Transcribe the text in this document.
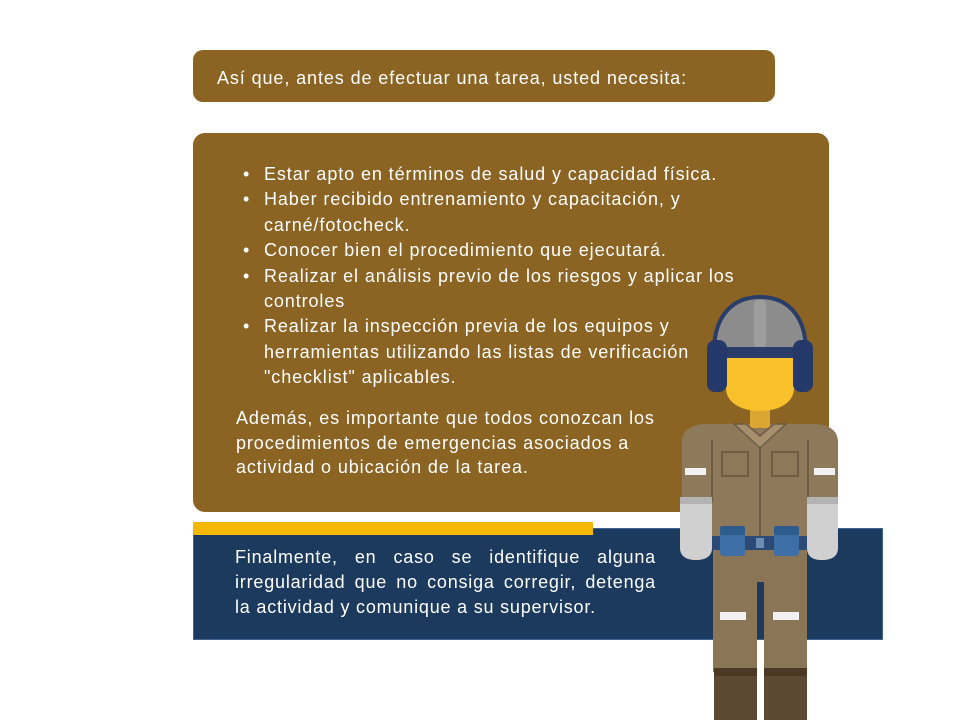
Así que, antes de efectuar una tarea, usted necesita:
• Estar apto en términos de salud y capacidad física.
• Haber recibido entrenamiento y capacitación, y
carné/fotocheck.
• Conocer bien el procedimiento que ejecutará.
• Realizar el análisis previo de los riesgos y aplicar los
controles
• Realizar la inspección previa de los equipos y
herramientas utilizando las listas de verificación
"checklist" aplicables.

Además, es importante que todos conozcan los
procedimientos de emergencias asociados a
actividad o ubicación de la tarea.

Finalmente, en caso se identifique alguna
irregularidad que no consiga corregir, detenga
la actividad y comunique a su supervisor.
